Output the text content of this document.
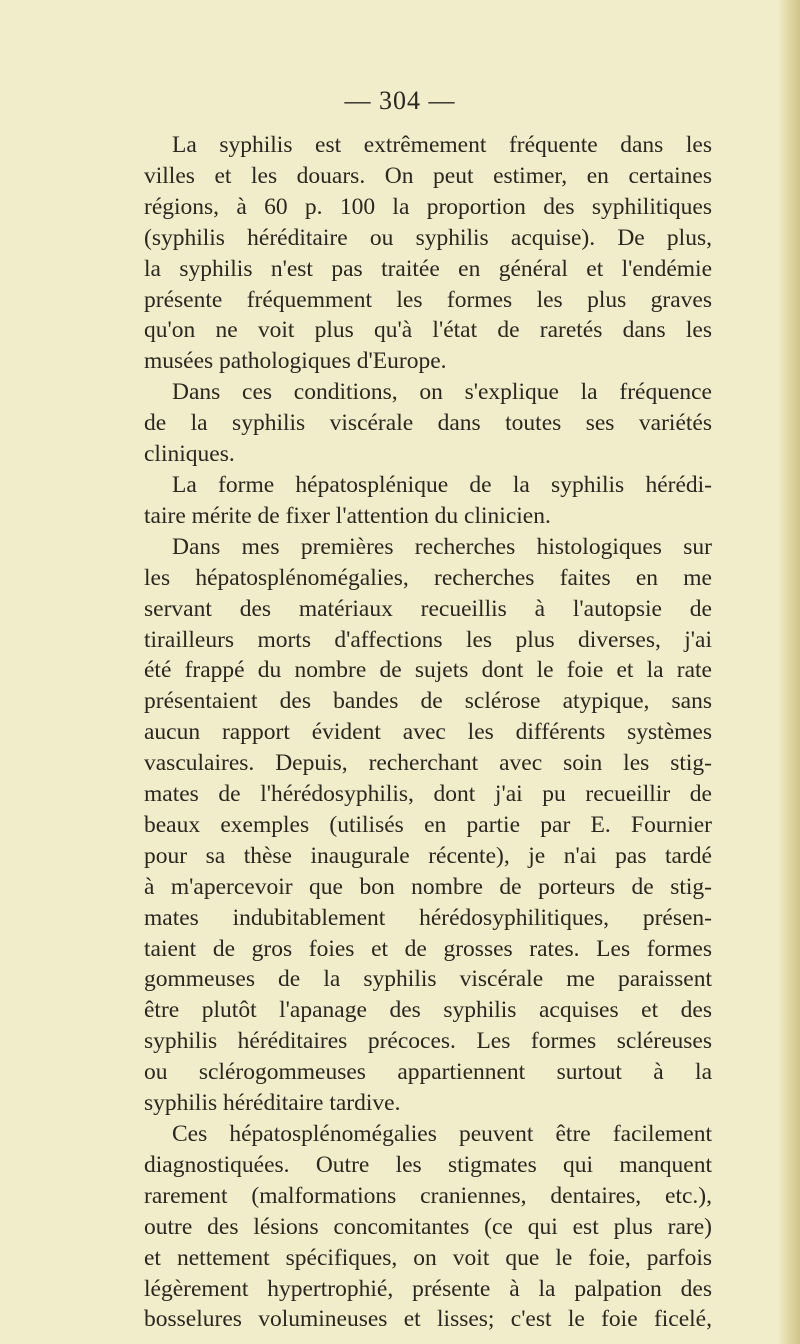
— 304 —
La syphilis est extrêmement fréquente dans les
villes et les douars. On peut estimer, en certaines
régions, à 60 p. 100 la proportion des syphilitiques
(syphilis héréditaire ou syphilis acquise). De plus,
la syphilis n'est pas traitée en général et l'endémie
présente fréquemment les formes les plus graves
qu'on ne voit plus qu'à l'état de raretés dans les
musées pathologiques d'Europe.
Dans ces conditions, on s'explique la fréquence
de la syphilis viscérale dans toutes ses variétés
cliniques.
La forme hépatosplénique de la syphilis hérédi-
taire mérite de fixer l'attention du clinicien.
Dans mes premières recherches histologiques sur
les hépatosplénomégalies, recherches faites en me
servant des matériaux recueillis à l'autopsie de
tirailleurs morts d'affections les plus diverses, j'ai
été frappé du nombre de sujets dont le foie et la rate
présentaient des bandes de sclérose atypique, sans
aucun rapport évident avec les différents systèmes
vasculaires. Depuis, recherchant avec soin les stig-
mates de l'hérédosyphilis, dont j'ai pu recueillir de
beaux exemples (utilisés en partie par E. Fournier
pour sa thèse inaugurale récente), je n'ai pas tardé
à m'apercevoir que bon nombre de porteurs de stig-
mates indubitablement hérédosyphilitiques, présen-
taient de gros foies et de grosses rates. Les formes
gommeuses de la syphilis viscérale me paraissent
être plutôt l'apanage des syphilis acquises et des
syphilis héréditaires précoces. Les formes scléreuses
ou sclérogommeuses appartiennent surtout à la
syphilis héréditaire tardive.
Ces hépatosplénomégalies peuvent être facilement
diagnostiquées. Outre les stigmates qui manquent
rarement (malformations craniennes, dentaires, etc.),
outre des lésions concomitantes (ce qui est plus rare)
et nettement spécifiques, on voit que le foie, parfois
légèrement hypertrophié, présente à la palpation des
bosselures volumineuses et lisses; c'est le foie ficelé,
